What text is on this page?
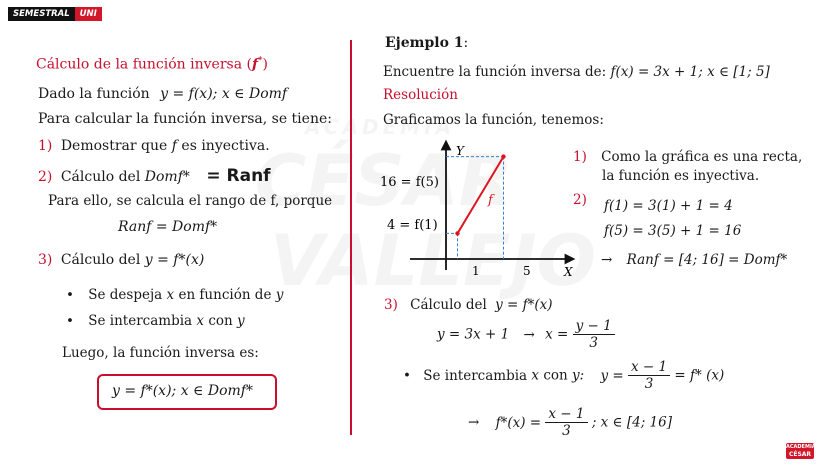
SEMESTRAL	UNI
Cálculo de la función inversa (f*)
Dado la función y = f(x); x ∈ Domf
Para calcular la función inversa, se tiene:
1) Demostrar que f es inyectiva.
2) Cálculo del Domf* = Ranf
Para ello, se calcula el rango de f, porque
Ranf = Domf*
3) Cálculo del y = f*(x)
• Se despeja x en función de y
• Se intercambia x con y
Luego, la función inversa es:
y = f*(x); x ∈ Domf*
Ejemplo 1:
Encuentre la función inversa de: f(x) = 3x + 1; x ∈ [1; 5]
Resolución
Graficamos la función, tenemos:
Y
X
16 = f(5)
4 = f(1)
1	5
f
1) Como la gráfica es una recta,
la función es inyectiva.
2) f(1) = 3(1) + 1 = 4
f(5) = 3(5) + 1 = 16
→ Ranf = [4; 16] = Domf*
3) Cálculo del y = f*(x)
$y = 3x + 1 \to x = \frac{y - 1}{3}$
• Se intercambia x con y: $y = \frac{x - 1}{3} = f*$ (x)
→ $f*(x) = \frac{x - 1}{3}$ ; x ∈ [4; 16]
ACADEMIA
CÉSAR
